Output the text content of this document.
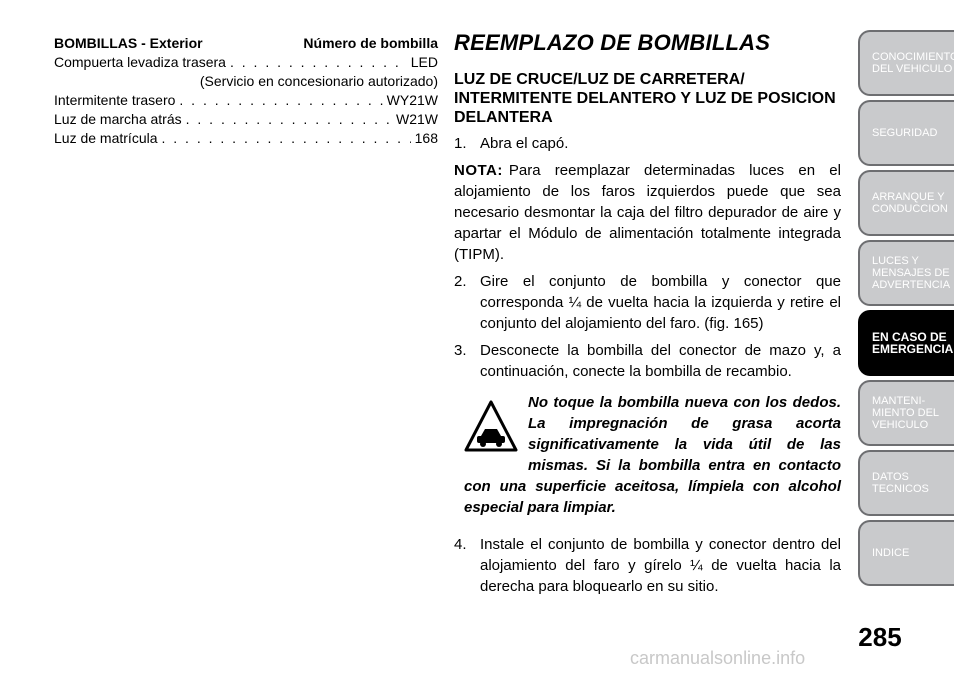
BOMBILLAS - Exterior	Número de bombilla
Compuerta levadiza trasera . . .	LED
(Servicio en concesionario autorizado)
Intermitente trasero . . .	WY21W
Luz de marcha atrás . . .	W21W
Luz de matrícula . . .	168
REEMPLAZO DE BOMBILLAS
LUZ DE CRUCE/LUZ DE CARRETERA/ INTERMITENTE DELANTERO Y LUZ DE POSICION DELANTERA
1. Abra el capó.

NOTA: Para reemplazar determinadas luces en el alojamiento de los faros izquierdos puede que sea necesario desmontar la caja del filtro depurador de aire y apartar el Módulo de alimentación totalmente integrada (TIPM).

2. Gire el conjunto de bombilla y conector que corresponda ¼ de vuelta hacia la izquierda y retire el conjunto del alojamiento del faro. (fig. 165)
3. Desconecte la bombilla del conector de mazo y, a continuación, conecte la bombilla de recambio.
No toque la bombilla nueva con los dedos. La impregnación de grasa acorta significativamente la vida útil de las mismas. Si la bombilla entra en contacto con una superficie aceitosa, límpiela con alcohol especial para limpiar.
4. Instale el conjunto de bombilla y conector dentro del alojamiento del faro y gírelo ¼ de vuelta hacia la derecha para bloquearlo en su sitio.
CONOCIMIENTO DEL VEHICULO
SEGURIDAD
ARRANQUE Y CONDUCCION
LUCES Y MENSAJES DE ADVERTENCIA
EN CASO DE EMERGENCIA
MANTENI- MIENTO DEL VEHICULO
DATOS TECNICOS
INDICE
285
carmanualsonline.info
